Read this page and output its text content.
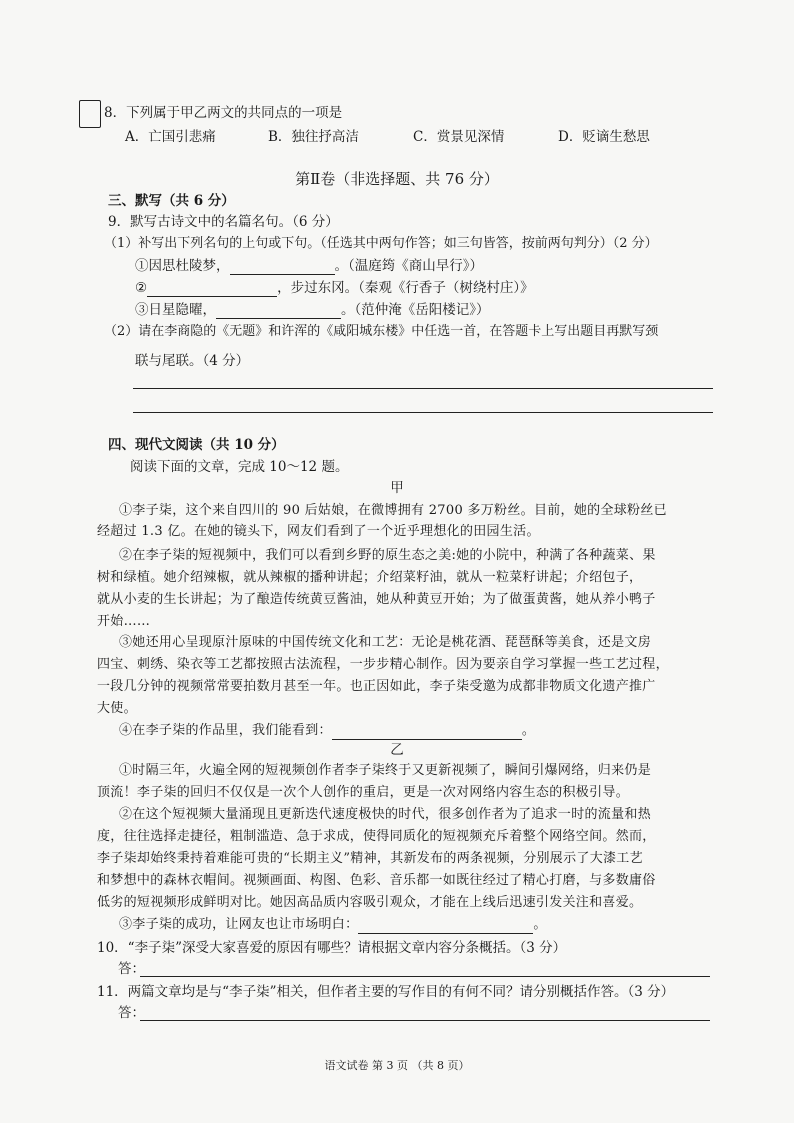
8．下列属于甲乙两文的共同点的一项是
A．亡国引悲痛	B．独往抒高洁	C．赏景见深情	D．贬谪生愁思
第Ⅱ卷（非选择题、共 76 分）
三、默写（共 6 分）
9．默写古诗文中的名篇名句。（6 分）
（1）补写出下列名句的上句或下句。（任选其中两句作答；如三句皆答，按前两句判分）（2 分）
①因思杜陵梦，	。（温庭筠《商山早行》）
②	，步过东冈。（秦观《行香子（树绕村庄）》
③日星隐曜，	。（范仲淹《岳阳楼记》）
（2）请在李商隐的《无题》和许浑的《咸阳城东楼》中任选一首，在答题卡上写出题目再默写颈
联与尾联。（4 分）
四、现代文阅读（共 10 分）
阅读下面的文章，完成 10～12 题。
甲
①李子柒，这个来自四川的 90 后姑娘，在微博拥有 2700 多万粉丝。目前，她的全球粉丝已
经超过 1.3 亿。在她的镜头下，网友们看到了一个近乎理想化的田园生活。
②在李子柒的短视频中，我们可以看到乡野的原生态之美:她的小院中，种满了各种蔬菜、果
树和绿植。她介绍辣椒，就从辣椒的播种讲起；介绍菜籽油，就从一粒菜籽讲起；介绍包子，
就从小麦的生长讲起；为了酿造传统黄豆酱油，她从种黄豆开始；为了做蛋黄酱，她从养小鸭子
开始……
③她还用心呈现原汁原味的中国传统文化和工艺：无论是桃花酒、琵琶酥等美食，还是文房
四宝、刺绣、染衣等工艺都按照古法流程，一步步精心制作。因为要亲自学习掌握一些工艺过程，
一段几分钟的视频常常要拍数月甚至一年。也正因如此，李子柒受邀为成都非物质文化遗产推广
大使。
④在李子柒的作品里，我们能看到：	。
乙
①时隔三年，火遍全网的短视频创作者李子柒终于又更新视频了，瞬间引爆网络，归来仍是
顶流！李子柒的回归不仅仅是一次个人创作的重启，更是一次对网络内容生态的积极引导。
②在这个短视频大量涌现且更新迭代速度极快的时代，很多创作者为了追求一时的流量和热
度，往往选择走捷径，粗制滥造、急于求成，使得同质化的短视频充斥着整个网络空间。然而，
李子柒却始终秉持着难能可贵的“长期主义”精神，其新发布的两条视频，分别展示了大漆工艺
和梦想中的森林衣帽间。视频画面、构图、色彩、音乐都一如既往经过了精心打磨，与多数庸俗
低劣的短视频形成鲜明对比。她因高品质内容吸引观众，才能在上线后迅速引发关注和喜爱。
③李子柒的成功，让网友也让市场明白：	。
10．“李子柒”深受大家喜爱的原因有哪些？请根据文章内容分条概括。（3 分）
答：
11．两篇文章均是与“李子柒”相关，但作者主要的写作目的有何不同？请分别概括作答。（3 分）
答：
语文试卷 第 3 页 （共 8 页）
